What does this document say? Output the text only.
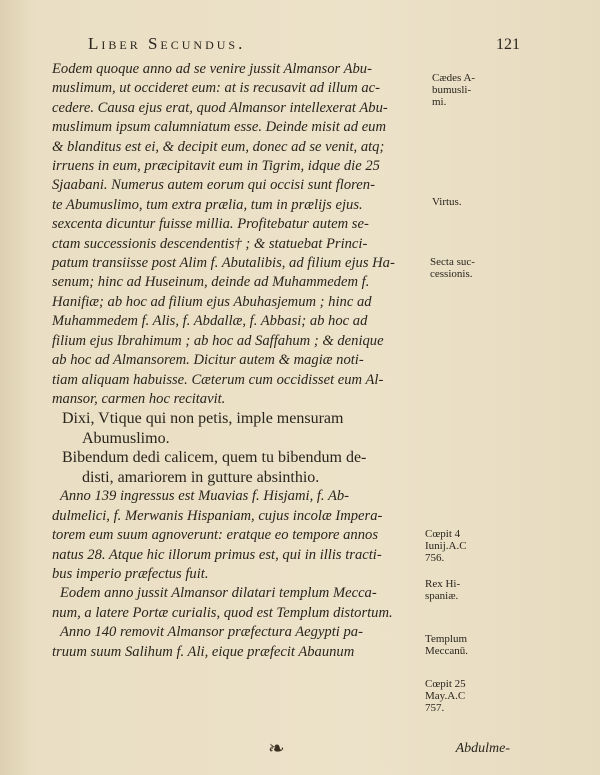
Liber Secundus.	121
Eodem quoque anno ad se venire jussit Almansor Abu-
muslimum, ut occideret eum: at is recusavit ad illum ac-
cedere. Causa ejus erat, quod Almansor intellexerat Abu-
muslimum ipsum calumniatum esse. Deinde misit ad eum
& blanditus est ei, & decipit eum, donec ad se venit, atq;
irruens in eum, præcipitavit eum in Tigrim, idque die 25
Sjaabani. Numerus autem eorum qui occisi sunt floren-
te Abumuslimo, tum extra prælia, tum in prælijs ejus.
sexcenta dicuntur fuisse millia. Profitebatur autem se-
ctam successionis descendentis† ; & statuebat Princi-
patum transiisse post Alim f. Abutalibis, ad filium ejus Ha-
senum; hinc ad Huseinum, deinde ad Muhammedem f.
Hanifiæ; ab hoc ad filium ejus Abuhasjemum ; hinc ad
Muhammedem f. Alis, f. Abdallæ, f. Abbasi; ab hoc ad
filium ejus Ibrahimum ; ab hoc ad Saffahum ; & denique
ab hoc ad Almansorem. Dicitur autem & magiæ noti-
tiam aliquam habuisse. Cæterum cum occidisset eum Al-
mansor, carmen hoc recitavit.
Dixi, Vtique qui non petis, imple mensuram
Abumuslimo.
Bibendum dedi calicem, quem tu bibendum de-
disti, amariorem in gutture absinthio.
Anno 139 ingressus est Muavias f. Hisjami, f. Ab-
dulmelici, f. Merwanis Hispaniam, cujus incolæ Impera-
torem eum suum agnoverunt: eratque eo tempore annos
natus 28. Atque hic illorum primus est, qui in illis tracti-
bus imperio præfectus fuit.
Eodem anno jussit Almansor dilatari templum Mecca-
num, a latere Portæ curialis, quod est Templum distortum.
Anno 140 removit Almansor præfectura Aegypti pa-
truum suum Salihum f. Ali, eique præfecit Abaunum
Cædes A-
bumusli-
mi.
Virtus.
Secta suc-
cessionis.
Cœpit 4
Iunij.A.C
756.
Rex Hi-
spaniæ.
Templum
Meccanū.
Cœpit 25
May.A.C
757.
❧	Abdulme-
